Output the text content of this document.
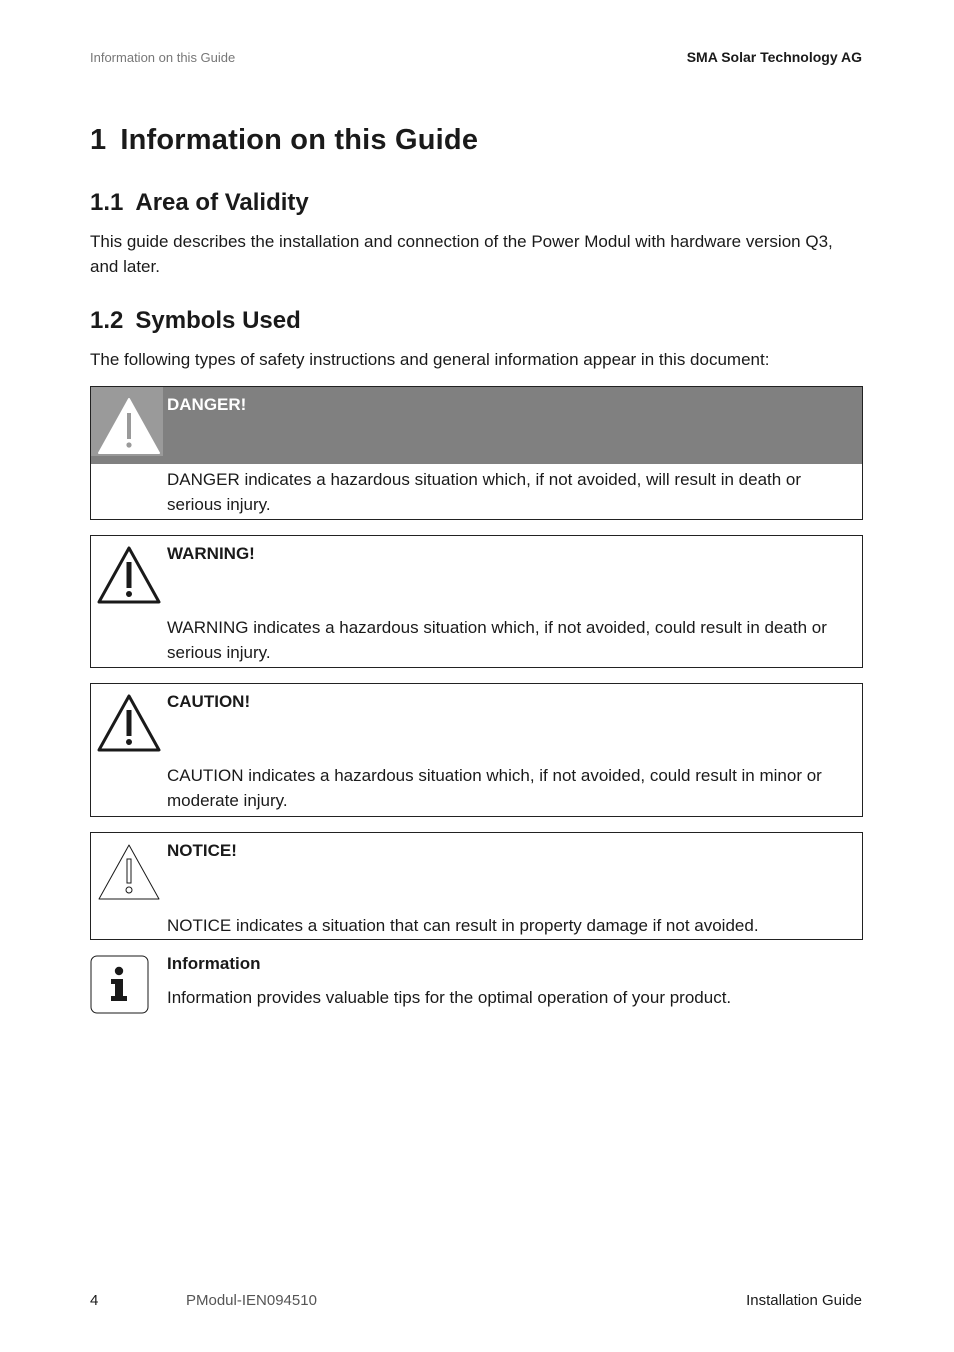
Information on this Guide	SMA Solar Technology AG
1 Information on this Guide
1.1 Area of Validity
This guide describes the installation and connection of the Power Modul with hardware version Q3, and later.
1.2 Symbols Used
The following types of safety instructions and general information appear in this document:
DANGER!
DANGER indicates a hazardous situation which, if not avoided, will result in death or serious injury.
WARNING!
WARNING indicates a hazardous situation which, if not avoided, could result in death or serious injury.
CAUTION!
CAUTION indicates a hazardous situation which, if not avoided, could result in minor or moderate injury.
NOTICE!
NOTICE indicates a situation that can result in property damage if not avoided.
Information
Information provides valuable tips for the optimal operation of your product.
4	PModul-IEN094510	Installation Guide
